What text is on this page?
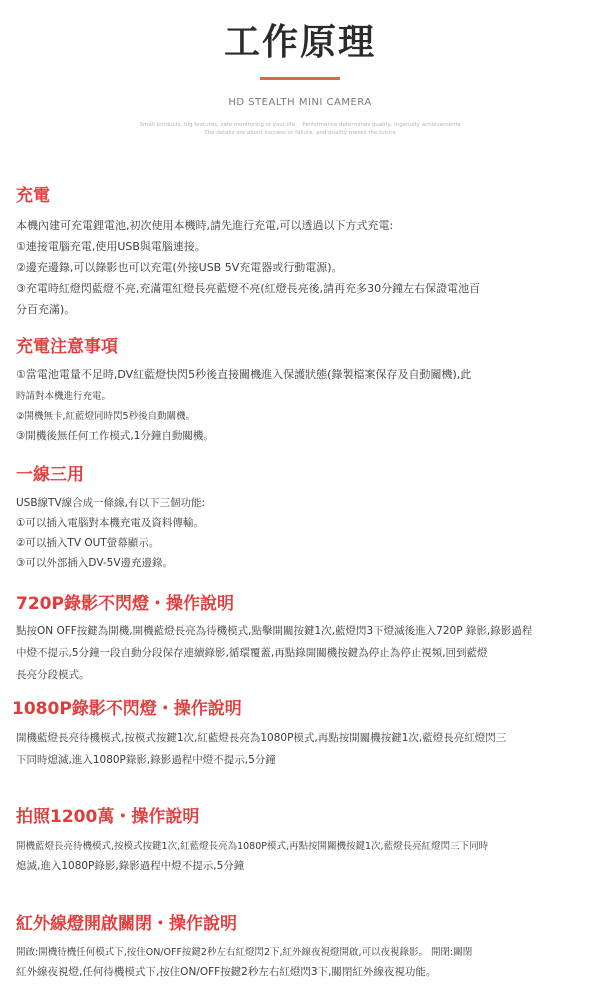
工作原理
HD STEALTH MINI CAMERA
Small products, big features, safe monitoring of your life。 Performance determines quality, ingenuity achievements
The details are about success or failure, and quality makes the future
充電
本機內建可充電鋰電池,初次使用本機時,請先進行充電,可以透過以下方式充電:
①連接電腦充電,使用USB與電腦連接。
②邊充邊錄,可以錄影也可以充電(外接USB 5V充電器或行動電源)。
③充電時紅燈閃藍燈不亮,充滿電紅燈長亮藍燈不亮(紅燈長亮後,請再充多30分鐘左右保證電池百
分百充滿)。
充電注意事項
①當電池電量不足時,DV紅藍燈快閃5秒後直接關機進入保護狀態(錄製檔案保存及自動關機),此
時請對本機進行充電。
②開機無卡,紅藍燈同時閃5秒後自動關機。
③開機後無任何工作模式,1分鐘自動關機。
一線三用
USB線TV線合成一條線,有以下三個功能:
①可以插入電腦對本機充電及資料傳輸。
②可以插入TV OUT螢幕顯示。
③可以外部插入DV-5V邊充邊錄。
720P錄影不閃燈・操作說明
點按ON OFF按鍵為開機,開機藍燈長亮為待機模式,點擊開關按鍵1次,藍燈閃3下燈滅後進入720P 錄影,錄影過程
中燈不提示,5分鐘一段自動分段保存連續錄影,循環覆蓋,再點錄開關機按鍵為停止為停止視頻,回到藍燈
長亮分段模式。
1080P錄影不閃燈・操作說明
開機藍燈長亮待機模式,按模式按鍵1次,紅藍燈長亮為1080P模式,再點按開關機按鍵1次,藍燈長亮紅燈閃三
下同時熄滅,進入1080P錄影,錄影過程中燈不提示,5分鐘
拍照1200萬・操作說明
開機藍燈長亮待機模式,按模式按鍵1次,紅藍燈長亮為1080P模式,再點按開關機按鍵1次,藍燈長亮紅燈閃三下同時
熄滅,進入1080P錄影,錄影過程中燈不提示,5分鐘
紅外線燈開啟關閉・操作說明
開啟:開機待機任何模式下,按住ON/OFF按鍵2秒左右紅燈閃2下,紅外線夜視燈開啟,可以夜視錄影。 開閉:關閉
紅外線夜視燈,任何待機模式下,按住ON/OFF按鍵2秒左右紅燈閃3下,關閉紅外線夜視功能。
